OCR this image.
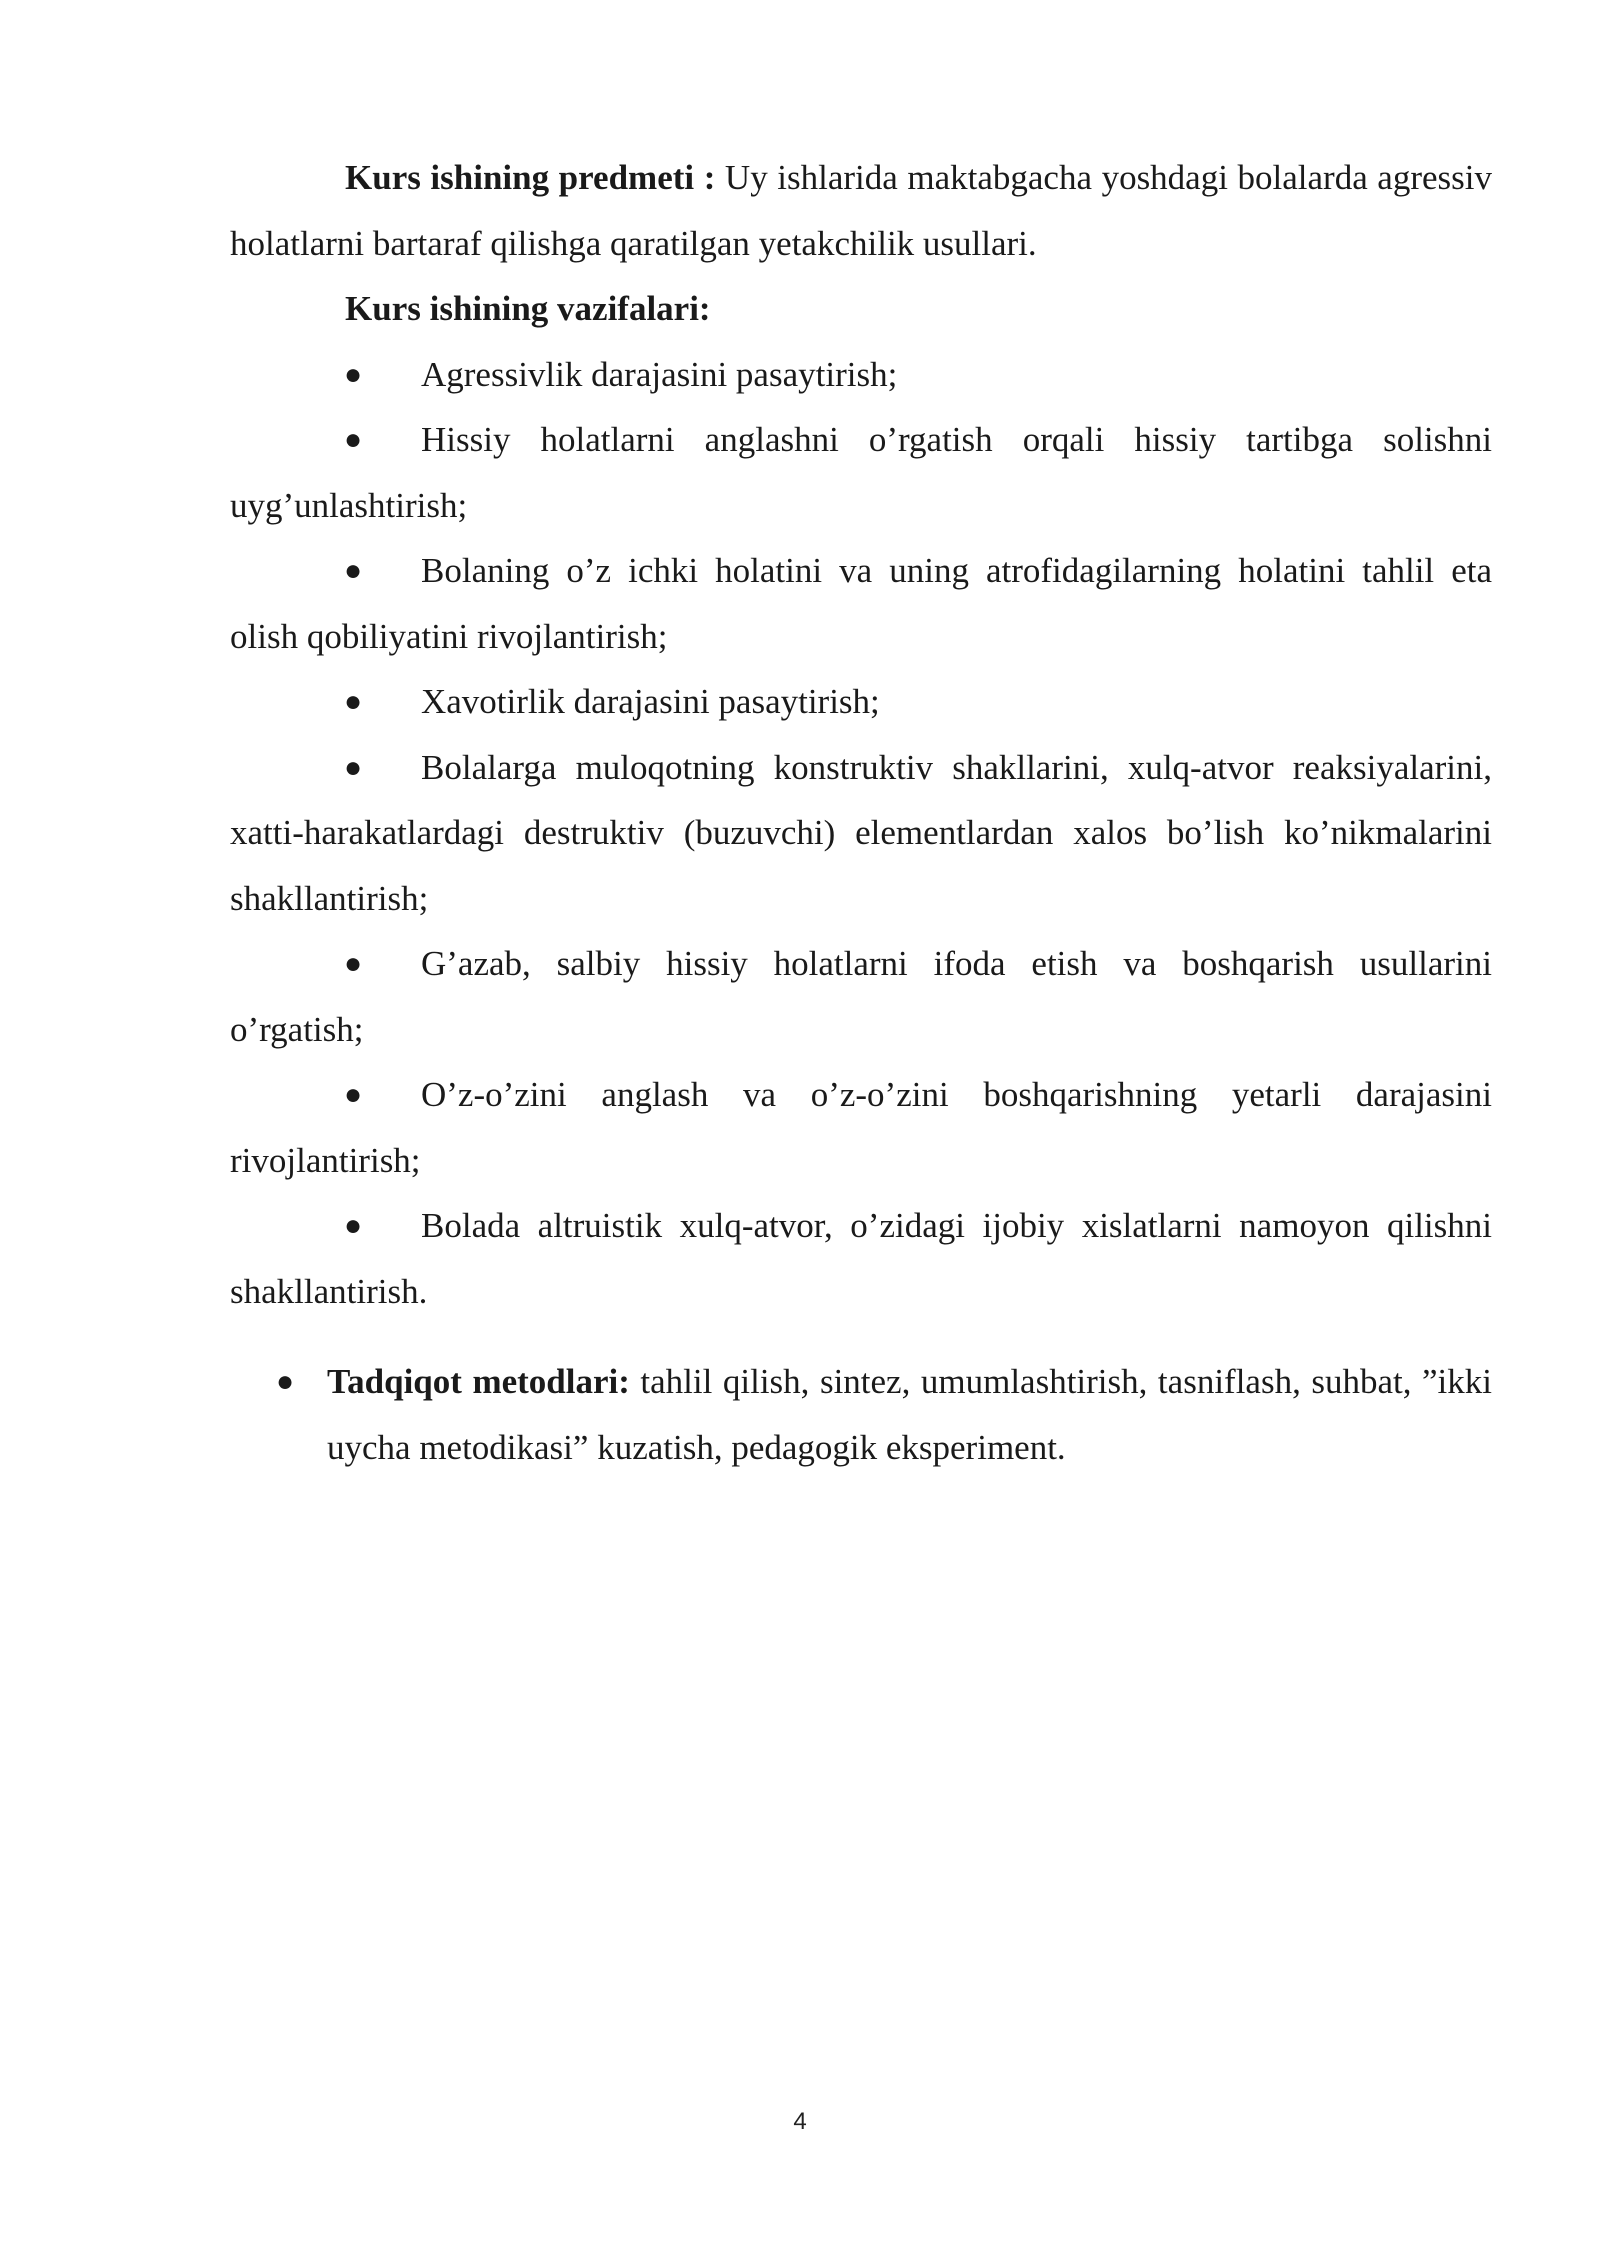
Kurs ishining predmeti : Uy ishlarida maktabgacha yoshdagi bolalarda agressiv holatlarni bartaraf qilishga qaratilgan yetakchilik usullari.

Kurs ishining vazifalari:

●	Agressivlik darajasini pasaytirish;

●	Hissiy holatlarni anglashni o’rgatish orqali hissiy tartibga solishni uyg’unlashtirish;

●	Bolaning o’z ichki holatini va uning atrofidagilarning holatini tahlil eta olish qobiliyatini rivojlantirish;

●	Xavotirlik darajasini pasaytirish;

●	Bolalarga muloqotning konstruktiv shakllarini, xulq-atvor reaksiyalarini, xatti-harakatlardagi destruktiv (buzuvchi) elementlardan xalos bo’lish ko’nikmalarini shakllantirish;

●	G’azab, salbiy hissiy holatlarni ifoda etish va boshqarish usullarini o’rgatish;

●	O’z-o’zini anglash va o’z-o’zini boshqarishning yetarli darajasini rivojlantirish;

●	Bolada altruistik xulq-atvor, o’zidagi ijobiy xislatlarni namoyon qilishni shakllantirish.

● Tadqiqot metodlari: tahlil qilish, sintez, umumlashtirish, tasniflash, suhbat, ”ikki uycha metodikasi” kuzatish, pedagogik eksperiment.

4
